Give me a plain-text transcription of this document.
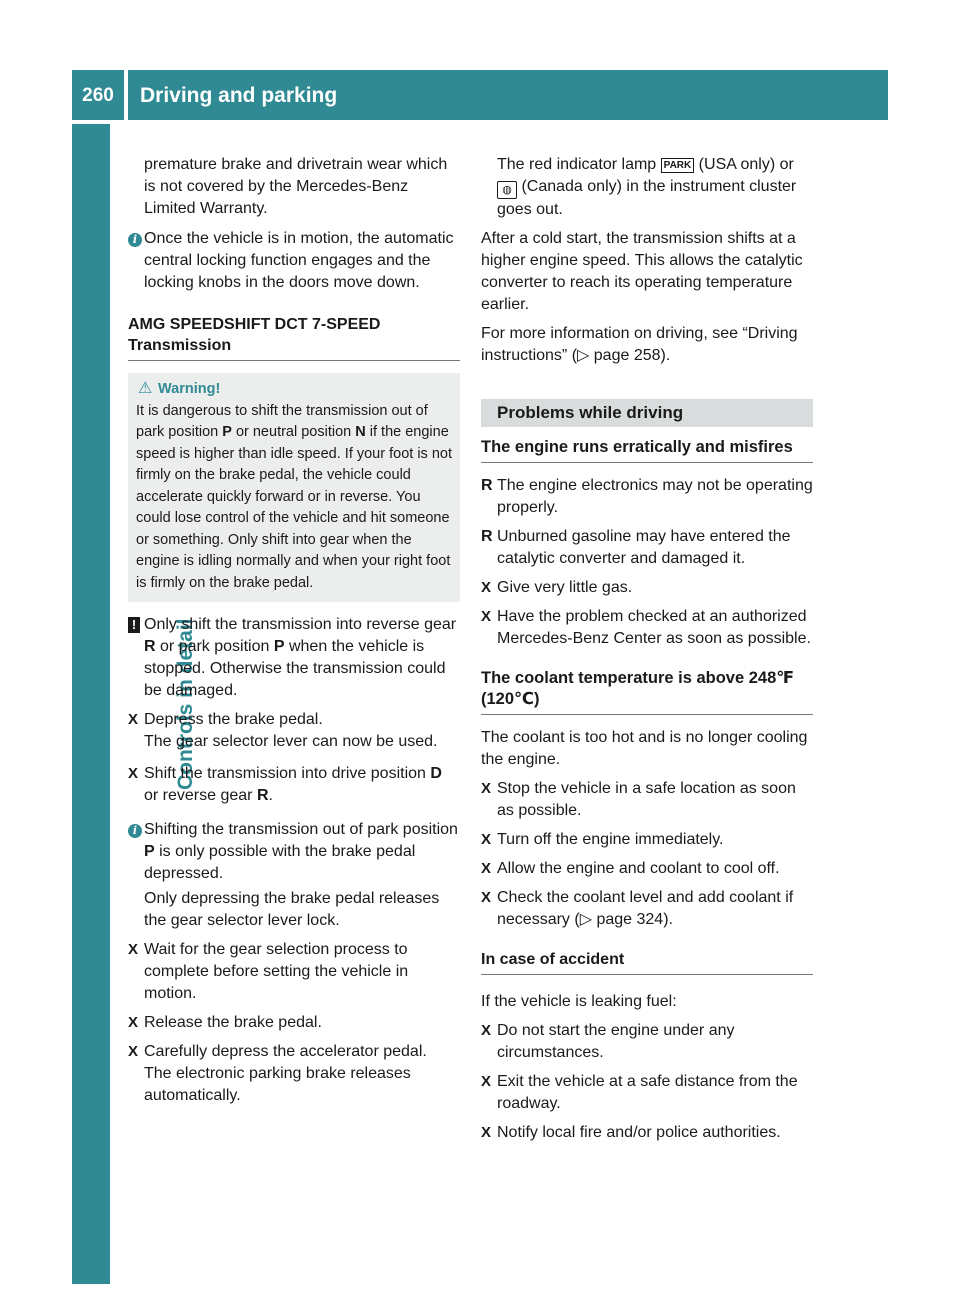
260	Driving and parking
Controls in detail

premature brake and drivetrain wear which is not covered by the Mercedes-Benz Limited Warranty.

i Once the vehicle is in motion, the automatic central locking function engages and the locking knobs in the doors move down.
AMG SPEEDSHIFT DCT 7-SPEED Transmission
⚠ Warning!
It is dangerous to shift the transmission out of park position P or neutral position N if the engine speed is higher than idle speed. If your foot is not firmly on the brake pedal, the vehicle could accelerate quickly forward or in reverse. You could lose control of the vehicle and hit someone or something. Only shift into gear when the engine is idling normally and when your right foot is firmly on the brake pedal.
! Only shift the transmission into reverse gear R or park position P when the vehicle is stopped. Otherwise the transmission could be damaged.
X Depress the brake pedal.
The gear selector lever can now be used.
X Shift the transmission into drive position D or reverse gear R.
i Shifting the transmission out of park position P is only possible with the brake pedal depressed.
Only depressing the brake pedal releases the gear selector lever lock.
X Wait for the gear selection process to complete before setting the vehicle in motion.
X Release the brake pedal.
X Carefully depress the accelerator pedal.
The electronic parking brake releases automatically.

The red indicator lamp PARK (USA only) or ◍ (Canada only) in the instrument cluster goes out.

After a cold start, the transmission shifts at a higher engine speed. This allows the catalytic converter to reach its operating temperature earlier.

For more information on driving, see “Driving instructions” (▷ page 258).

Problems while driving
The engine runs erratically and misfires
R The engine electronics may not be operating properly.
R Unburned gasoline may have entered the catalytic converter and damaged it.
X Give very little gas.
X Have the problem checked at an authorized Mercedes-Benz Center as soon as possible.
The coolant temperature is above 248℉ (120℃)

The coolant is too hot and is no longer cooling the engine.

X Stop the vehicle in a safe location as soon as possible.
X Turn off the engine immediately.
X Allow the engine and coolant to cool off.
X Check the coolant level and add coolant if necessary (▷ page 324).
In case of accident

If the vehicle is leaking fuel:

X Do not start the engine under any circumstances.
X Exit the vehicle at a safe distance from the roadway.
X Notify local fire and/or police authorities.
